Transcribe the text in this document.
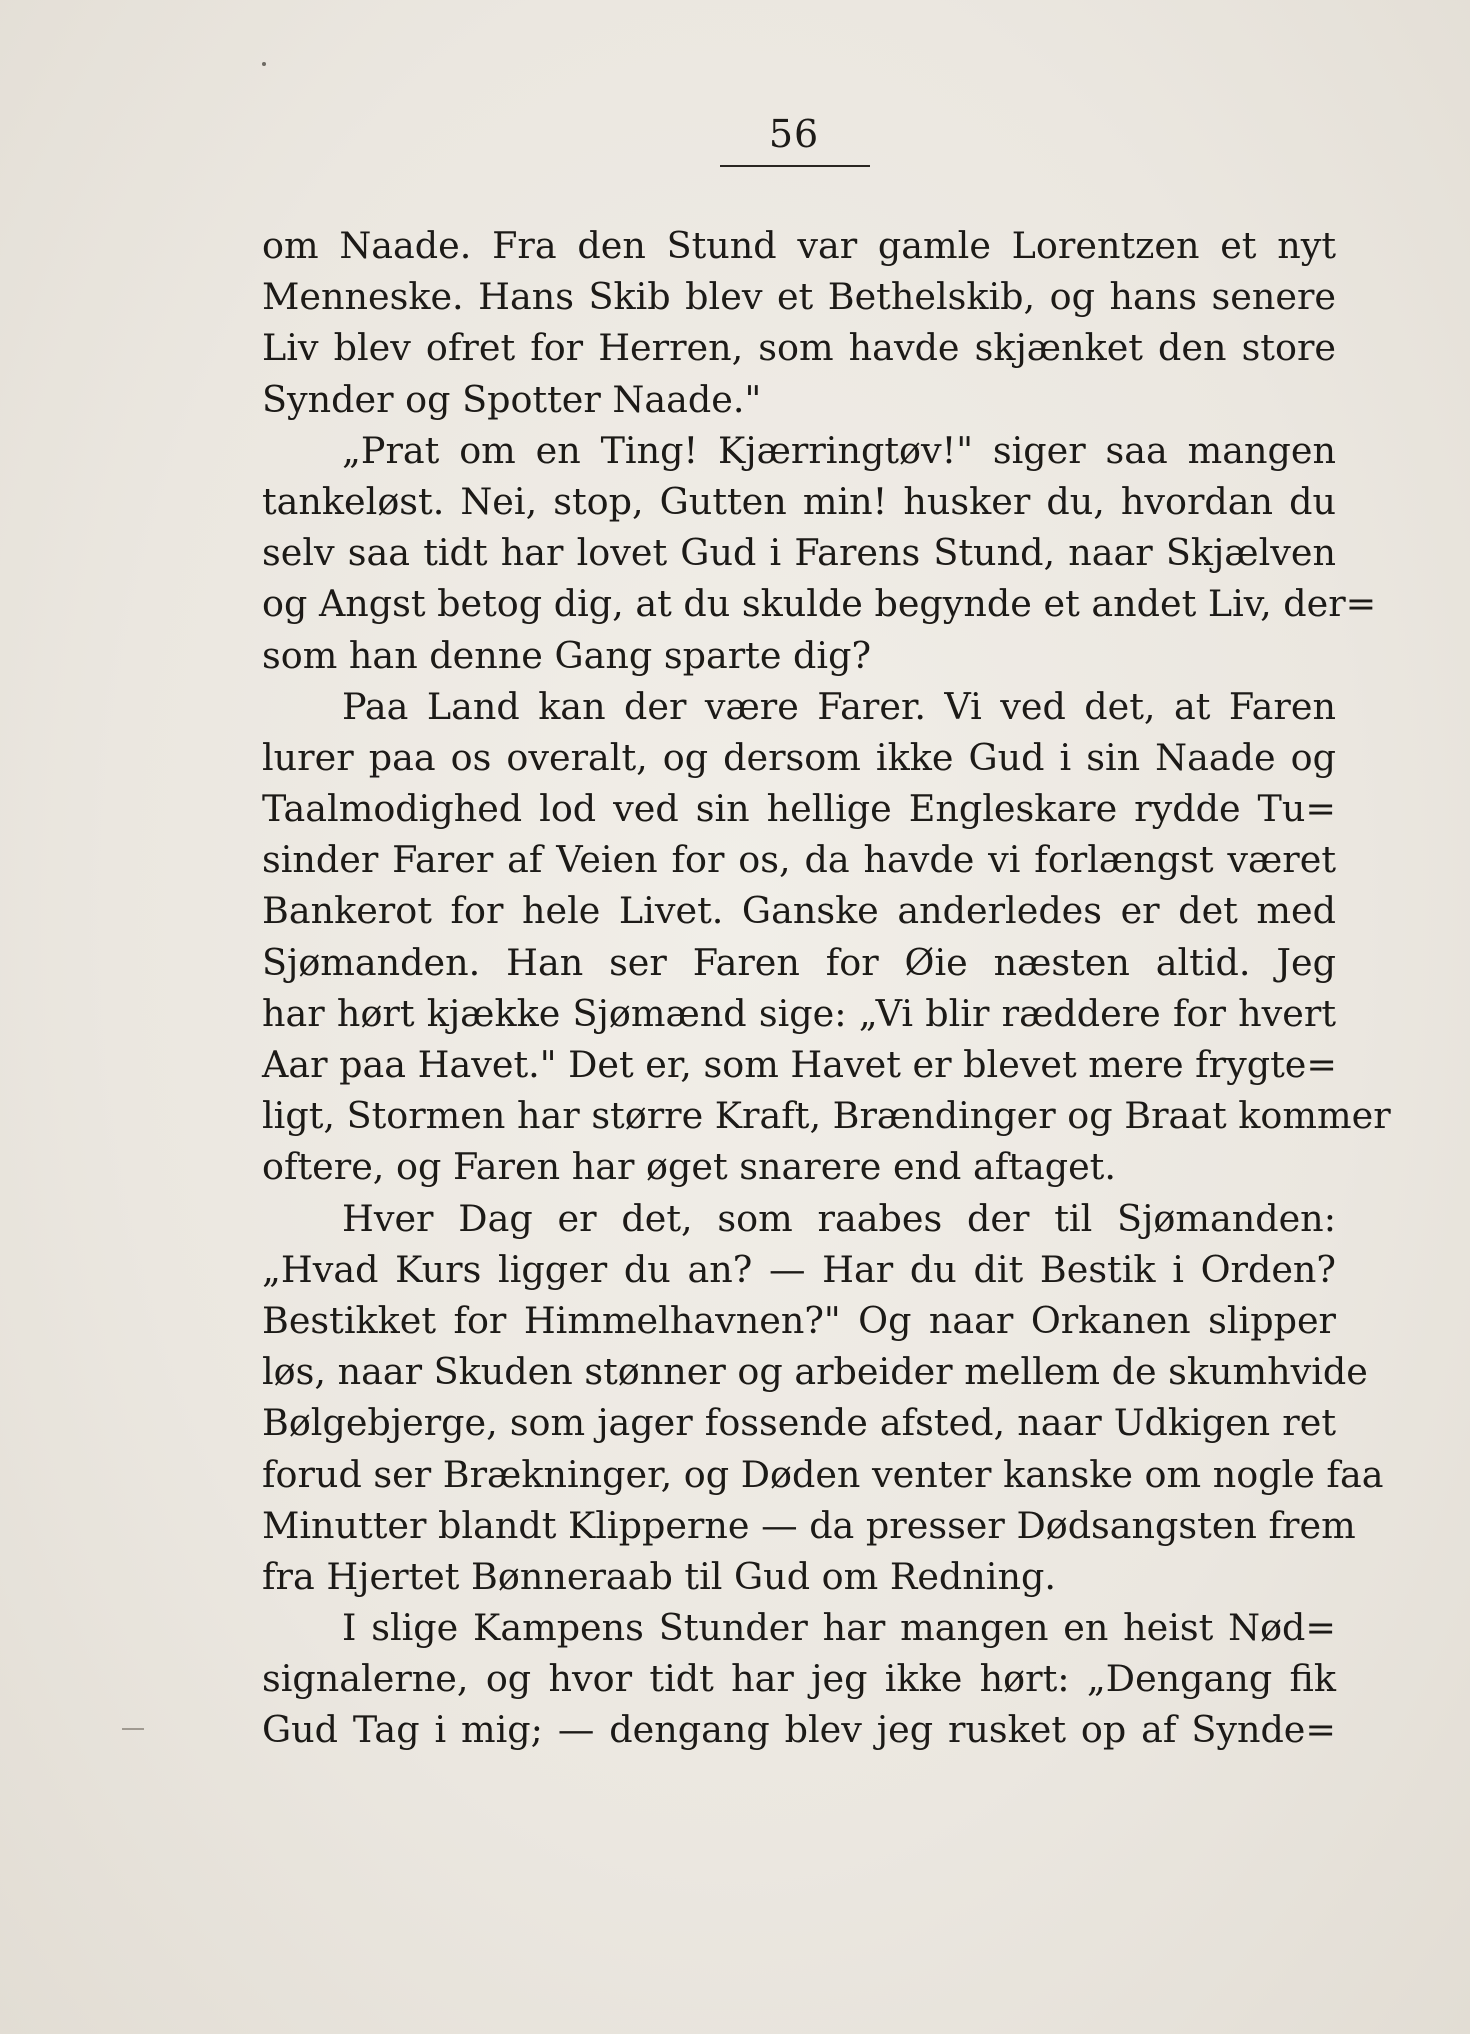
56
om Naade. Fra den Stund var gamle Lorentzen et nyt
Menneske. Hans Skib blev et Bethelskib, og hans senere
Liv blev ofret for Herren, som havde skjænket den store
Synder og Spotter Naade."
„Prat om en Ting! Kjærringtøv!" siger saa mangen
tankeløst. Nei, stop, Gutten min! husker du, hvordan du
selv saa tidt har lovet Gud i Farens Stund, naar Skjælven
og Angst betog dig, at du skulde begynde et andet Liv, der=
som han denne Gang sparte dig?
Paa Land kan der være Farer. Vi ved det, at Faren
lurer paa os overalt, og dersom ikke Gud i sin Naade og
Taalmodighed lod ved sin hellige Engleskare rydde Tu=
sinder Farer af Veien for os, da havde vi forlængst været
Bankerot for hele Livet. Ganske anderledes er det med
Sjømanden. Han ser Faren for Øie næsten altid. Jeg
har hørt kjække Sjømænd sige: „Vi blir ræddere for hvert
Aar paa Havet." Det er, som Havet er blevet mere frygte=
ligt, Stormen har større Kraft, Brændinger og Braat kommer
oftere, og Faren har øget snarere end aftaget.
Hver Dag er det, som raabes der til Sjømanden:
„Hvad Kurs ligger du an? — Har du dit Bestik i Orden?
Bestikket for Himmelhavnen?" Og naar Orkanen slipper
løs, naar Skuden stønner og arbeider mellem de skumhvide
Bølgebjerge, som jager fossende afsted, naar Udkigen ret
forud ser Brækninger, og Døden venter kanske om nogle faa
Minutter blandt Klipperne — da presser Dødsangsten frem
fra Hjertet Bønneraab til Gud om Redning.
I slige Kampens Stunder har mangen en heist Nød=
signalerne, og hvor tidt har jeg ikke hørt: „Dengang fik
Gud Tag i mig; — dengang blev jeg rusket op af Synde=
